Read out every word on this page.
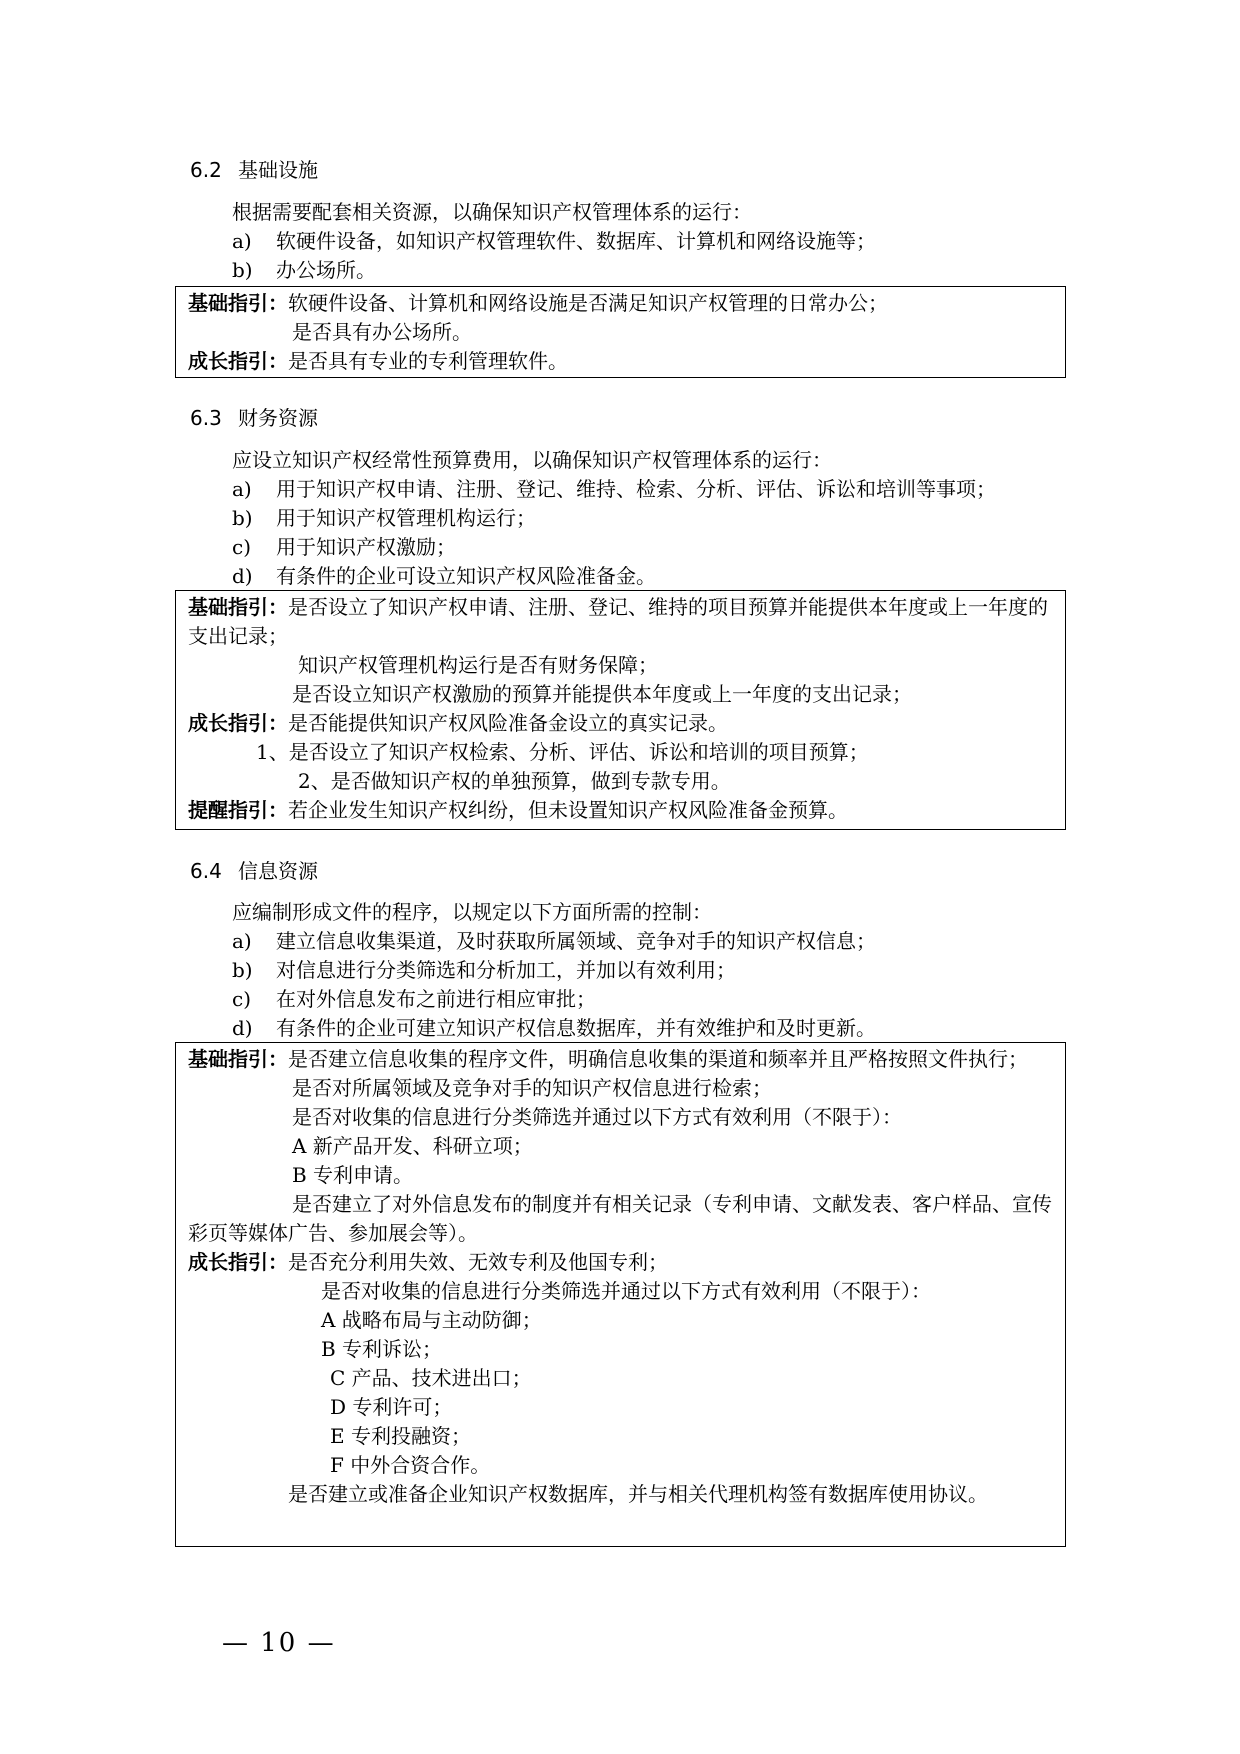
6.2 基础设施
根据需要配套相关资源，以确保知识产权管理体系的运行：
a) 软硬件设备，如知识产权管理软件、数据库、计算机和网络设施等；
b) 办公场所。
基础指引：软硬件设备、计算机和网络设施是否满足知识产权管理的日常办公；
是否具有办公场所。
成长指引：是否具有专业的专利管理软件。
6.3 财务资源
应设立知识产权经常性预算费用，以确保知识产权管理体系的运行：
a) 用于知识产权申请、注册、登记、维持、检索、分析、评估、诉讼和培训等事项；
b) 用于知识产权管理机构运行；
c) 用于知识产权激励；
d) 有条件的企业可设立知识产权风险准备金。
基础指引：是否设立了知识产权申请、注册、登记、维持的项目预算并能提供本年度或上一年度的支出记录；
知识产权管理机构运行是否有财务保障；
是否设立知识产权激励的预算并能提供本年度或上一年度的支出记录；
成长指引：是否能提供知识产权风险准备金设立的真实记录。
1、是否设立了知识产权检索、分析、评估、诉讼和培训的项目预算；
2、是否做知识产权的单独预算，做到专款专用。
提醒指引：若企业发生知识产权纠纷，但未设置知识产权风险准备金预算。
6.4 信息资源
应编制形成文件的程序，以规定以下方面所需的控制：
a) 建立信息收集渠道，及时获取所属领域、竞争对手的知识产权信息；
b) 对信息进行分类筛选和分析加工，并加以有效利用；
c) 在对外信息发布之前进行相应审批；
d) 有条件的企业可建立知识产权信息数据库，并有效维护和及时更新。
基础指引：是否建立信息收集的程序文件，明确信息收集的渠道和频率并且严格按照文件执行；
是否对所属领域及竞争对手的知识产权信息进行检索；
是否对收集的信息进行分类筛选并通过以下方式有效利用（不限于）：
A 新产品开发、科研立项；
B 专利申请。
是否建立了对外信息发布的制度并有相关记录（专利申请、文献发表、客户样品、宣传彩页等媒体广告、参加展会等）。
成长指引：是否充分利用失效、无效专利及他国专利；
是否对收集的信息进行分类筛选并通过以下方式有效利用（不限于）：
A 战略布局与主动防御；
B 专利诉讼；
C 产品、技术进出口；
D 专利许可；
E 专利投融资；
F 中外合资合作。
是否建立或准备企业知识产权数据库，并与相关代理机构签有数据库使用协议。
— 10 —
